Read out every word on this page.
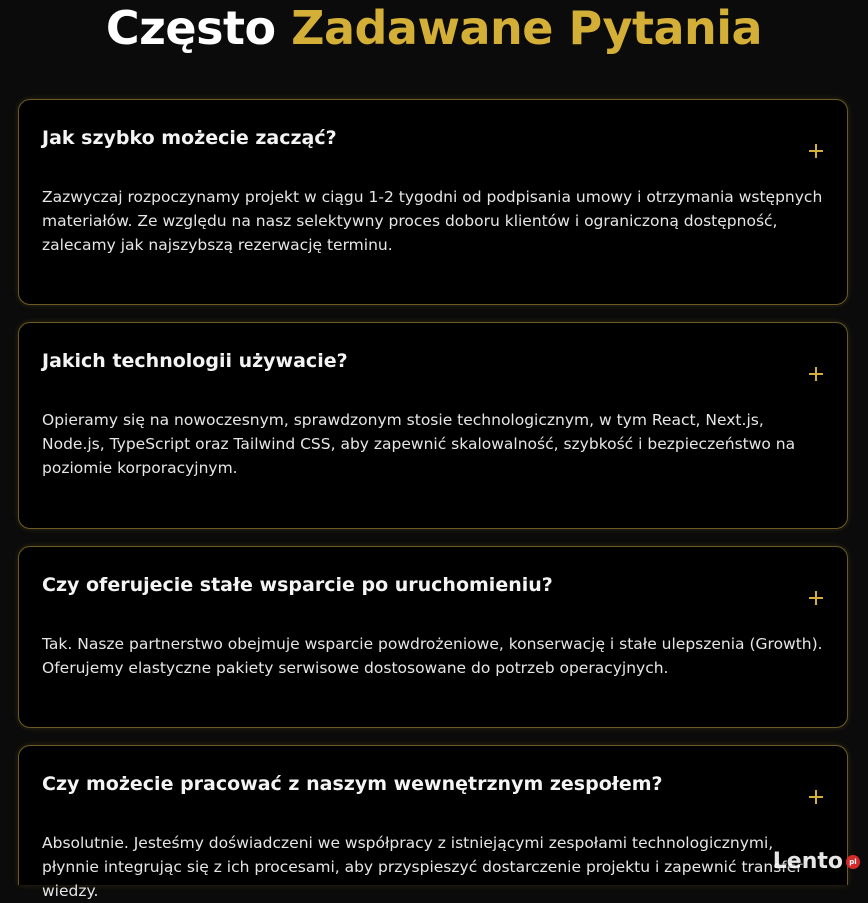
Często Zadawane Pytania
Jak szybko możecie zacząć?

Zazwyczaj rozpoczynamy projekt w ciągu 1-2 tygodni od podpisania umowy i otrzymania wstępnych materiałów. Ze względu na nasz selektywny proces doboru klientów i ograniczoną dostępność, zalecamy jak najszybszą rezerwację terminu.

Jakich technologii używacie?

Opieramy się na nowoczesnym, sprawdzonym stosie technologicznym, w tym React, Next.js, Node.js, TypeScript oraz Tailwind CSS, aby zapewnić skalowalność, szybkość i bezpieczeństwo na poziomie korporacyjnym.

Czy oferujecie stałe wsparcie po uruchomieniu?

Tak. Nasze partnerstwo obejmuje wsparcie powdrożeniowe, konserwację i stałe ulepszenia (Growth). Oferujemy elastyczne pakiety serwisowe dostosowane do potrzeb operacyjnych.

Czy możecie pracować z naszym wewnętrznym zespołem?

Absolutnie. Jesteśmy doświadczeni we współpracy z istniejącymi zespołami technologicznymi, płynnie integrując się z ich procesami, aby przyspieszyć dostarczenie projektu i zapewnić transfer wiedzy.

Lento pl
